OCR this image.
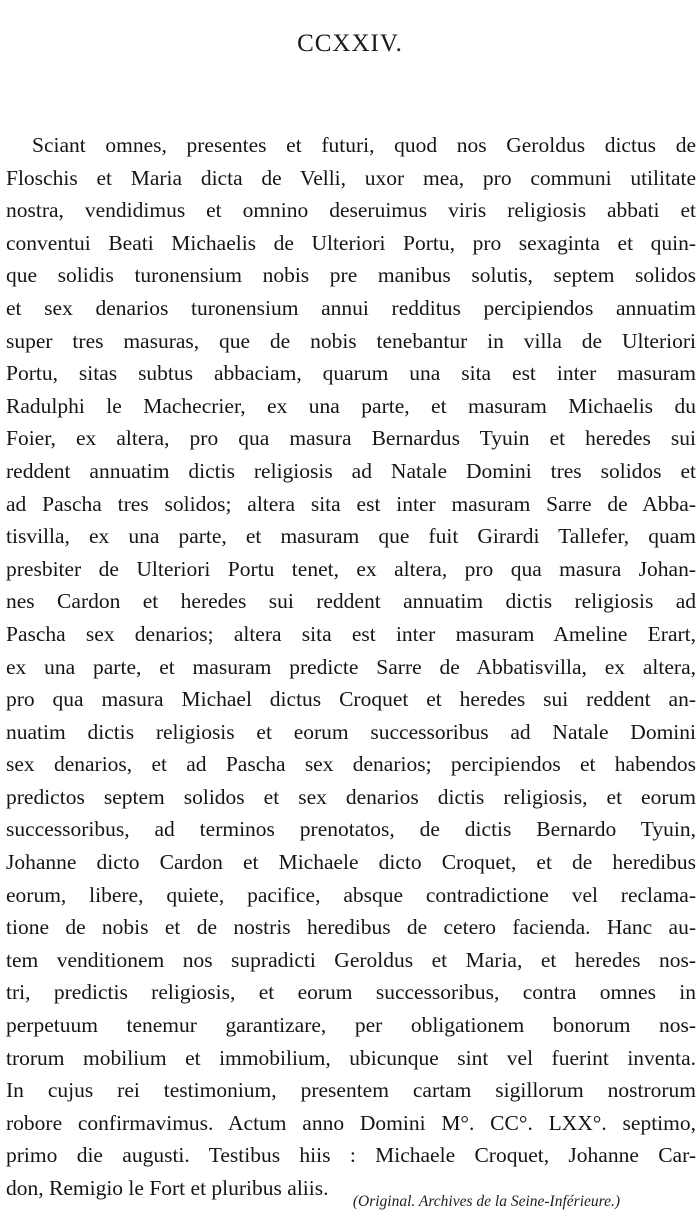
CCXXIV.
Sciant omnes, presentes et futuri, quod nos Geroldus dictus de
Floschis et Maria dicta de Velli, uxor mea, pro communi utilitate
nostra, vendidimus et omnino deseruimus viris religiosis abbati et
conventui Beati Michaelis de Ulteriori Portu, pro sexaginta et quin-
que solidis turonensium nobis pre manibus solutis, septem solidos
et sex denarios turonensium annui redditus percipiendos annuatim
super tres masuras, que de nobis tenebantur in villa de Ulteriori
Portu, sitas subtus abbaciam, quarum una sita est inter masuram
Radulphi le Machecrier, ex una parte, et masuram Michaelis du
Foier, ex altera, pro qua masura Bernardus Tyuin et heredes sui
reddent annuatim dictis religiosis ad Natale Domini tres solidos et
ad Pascha tres solidos; altera sita est inter masuram Sarre de Abba-
tisvilla, ex una parte, et masuram que fuit Girardi Tallefer, quam
presbiter de Ulteriori Portu tenet, ex altera, pro qua masura Johan-
nes Cardon et heredes sui reddent annuatim dictis religiosis ad
Pascha sex denarios; altera sita est inter masuram Ameline Erart,
ex una parte, et masuram predicte Sarre de Abbatisvilla, ex altera,
pro qua masura Michael dictus Croquet et heredes sui reddent an-
nuatim dictis religiosis et eorum successoribus ad Natale Domini
sex denarios, et ad Pascha sex denarios; percipiendos et habendos
predictos septem solidos et sex denarios dictis religiosis, et eorum
successoribus, ad terminos prenotatos, de dictis Bernardo Tyuin,
Johanne dicto Cardon et Michaele dicto Croquet, et de heredibus
eorum, libere, quiete, pacifice, absque contradictione vel reclama-
tione de nobis et de nostris heredibus de cetero facienda. Hanc au-
tem venditionem nos supradicti Geroldus et Maria, et heredes nos-
tri, predictis religiosis, et eorum successoribus, contra omnes in
perpetuum tenemur garantizare, per obligationem bonorum nos-
trorum mobilium et immobilium, ubicunque sint vel fuerint inventa.
In cujus rei testimonium, presentem cartam sigillorum nostrorum
robore confirmavimus. Actum anno Domini M°. CC°. LXX°. septimo,
primo die augusti. Testibus hiis : Michaele Croquet, Johanne Car-
don, Remigio le Fort et pluribus aliis.
(Original. Archives de la Seine-Inférieure.)
